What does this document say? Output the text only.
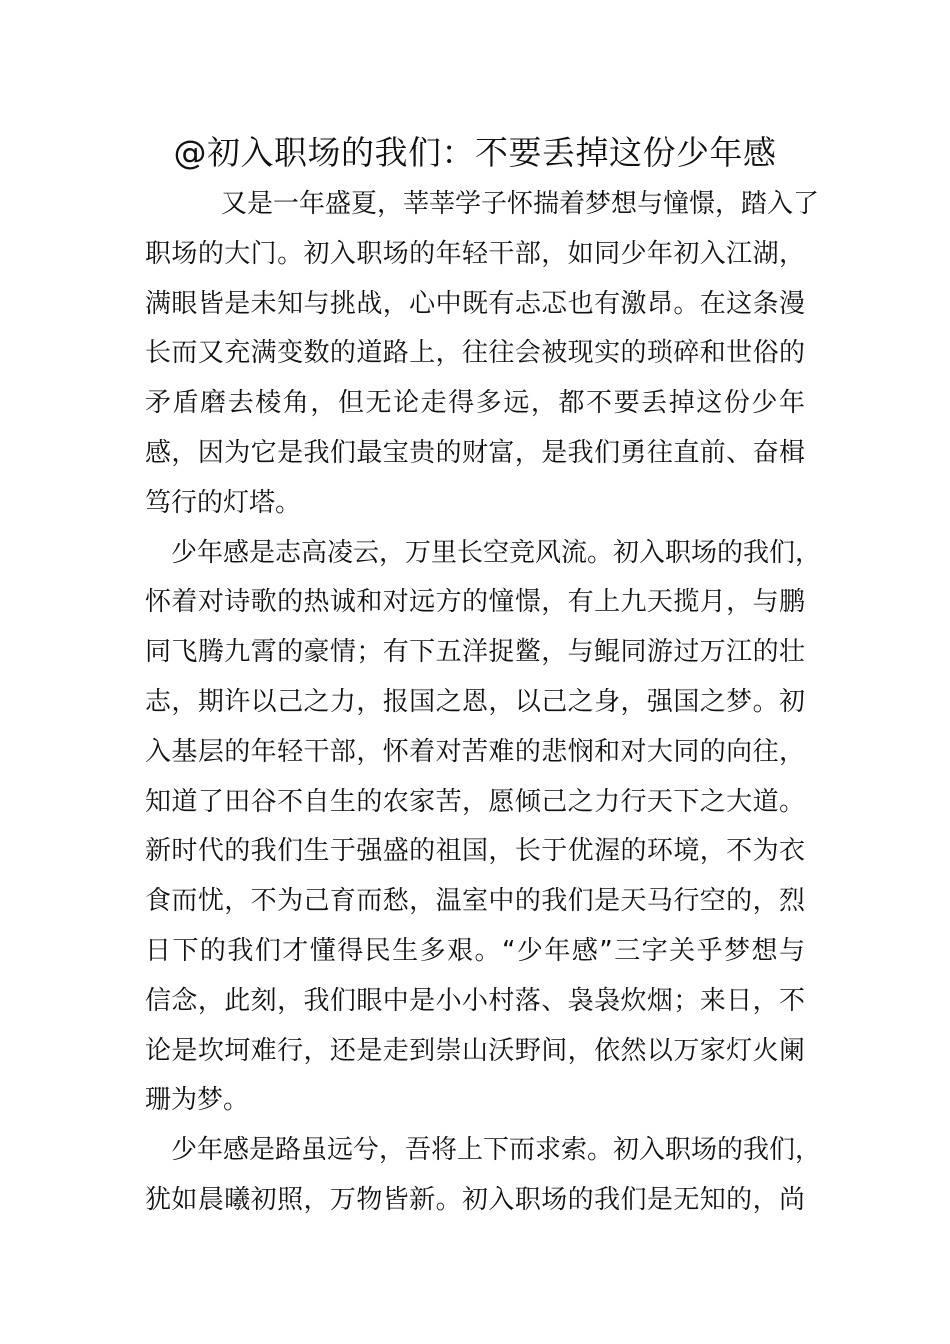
@初入职场的我们：不要丢掉这份少年感
又是一年盛夏，莘莘学子怀揣着梦想与憧憬，踏入了
职场的大门。初入职场的年轻干部，如同少年初入江湖，
满眼皆是未知与挑战，心中既有忐忑也有激昂。在这条漫
长而又充满变数的道路上，往往会被现实的琐碎和世俗的
矛盾磨去棱角，但无论走得多远，都不要丢掉这份少年
感，因为它是我们最宝贵的财富，是我们勇往直前、奋楫
笃行的灯塔。
少年感是志高凌云，万里长空竞风流。初入职场的我们，
怀着对诗歌的热诚和对远方的憧憬，有上九天揽月，与鹏
同飞腾九霄的豪情；有下五洋捉鳖，与鲲同游过万江的壮
志，期许以己之力，报国之恩，以己之身，强国之梦。初
入基层的年轻干部，怀着对苦难的悲悯和对大同的向往，
知道了田谷不自生的农家苦，愿倾己之力行天下之大道。
新时代的我们生于强盛的祖国，长于优渥的环境，不为衣
食而忧，不为己育而愁，温室中的我们是天马行空的，烈
日下的我们才懂得民生多艰。“少年感”三字关乎梦想与
信念，此刻，我们眼中是小小村落、袅袅炊烟；来日，不
论是坎坷难行，还是走到崇山沃野间，依然以万家灯火阑
珊为梦。
少年感是路虽远兮，吾将上下而求索。初入职场的我们，
犹如晨曦初照，万物皆新。初入职场的我们是无知的，尚
